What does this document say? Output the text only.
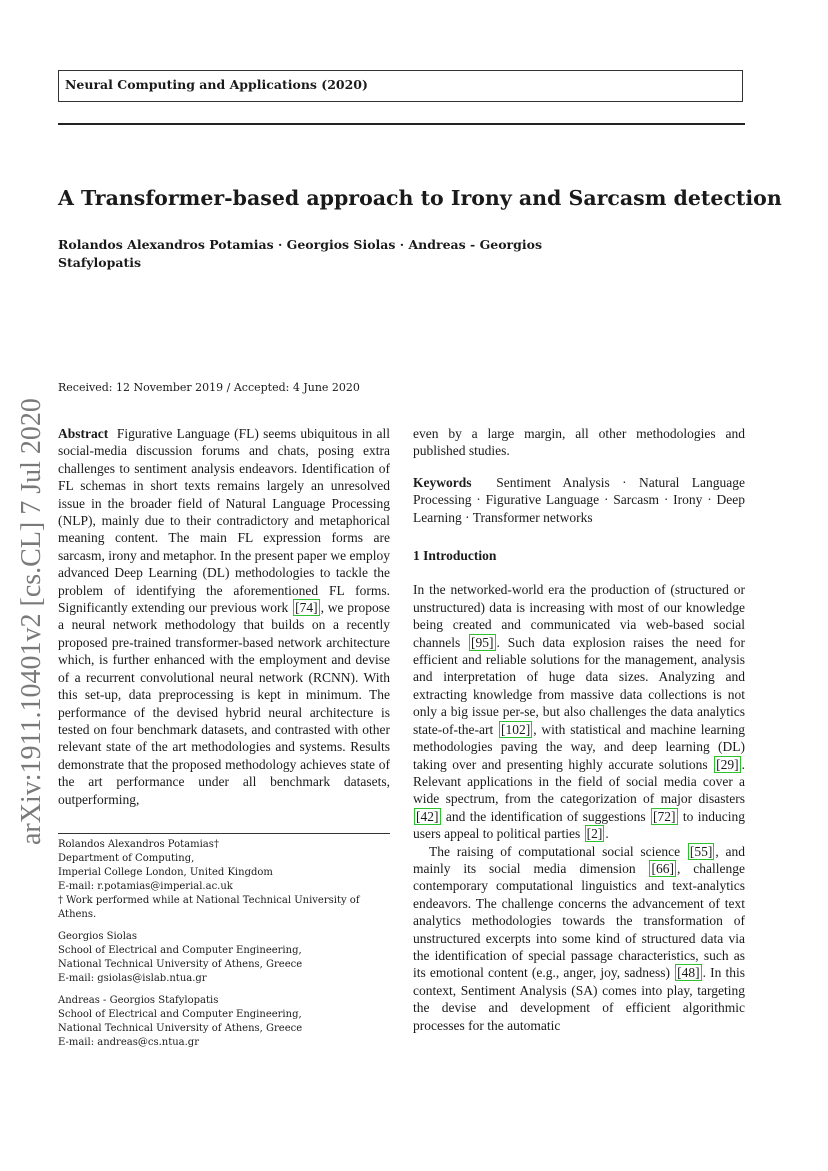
Neural Computing and Applications (2020)
A Transformer-based approach to Irony and Sarcasm detection
Rolandos Alexandros Potamias · Georgios Siolas · Andreas - Georgios
Stafylopatis
arXiv:1911.10401v2 [cs.CL] 7 Jul 2020
Received: 12 November 2019 / Accepted: 4 June 2020

Abstract Figurative Language (FL) seems ubiquitous in all social-media discussion forums and chats, posing extra challenges to sentiment analysis endeavors. Identification of FL schemas in short texts remains largely an unresolved issue in the broader field of Natural Language Processing (NLP), mainly due to their contradictory and metaphorical meaning content. The main FL expression forms are sarcasm, irony and metaphor. In the present paper we employ advanced Deep Learning (DL) methodologies to tackle the problem of identifying the aforementioned FL forms. Significantly extending our previous work [74] , we propose a neural network methodology that builds on a recently proposed pre-trained transformer-based network architecture which, is further enhanced with the employment and devise of a recurrent convolutional neural network (RCNN). With this set-up, data preprocessing is kept in minimum. The performance of the devised hybrid neural architecture is tested on four benchmark datasets, and contrasted with other relevant state of the art methodologies and systems. Results demonstrate that the proposed methodology achieves state of the art performance under all benchmark datasets, outperforming,

even by a large margin, all other methodologies and published studies.

Keywords Sentiment Analysis · Natural Language Processing · Figurative Language · Sarcasm · Irony · Deep Learning · Transformer networks

1 Introduction

In the networked-world era the production of (structured or unstructured) data is increasing with most of our knowledge being created and communicated via web-based social channels [95] . Such data explosion raises the need for efficient and reliable solutions for the management, analysis and interpretation of huge data sizes. Analyzing and extracting knowledge from massive data collections is not only a big issue per-se, but also challenges the data analytics state-of-the-art [102] , with statistical and machine learning methodologies paving the way, and deep learning (DL) taking over and presenting highly accurate solutions [29] . Relevant applications in the field of social media cover a wide spectrum, from the categorization of major disasters [42] and the identification of suggestions [72] to inducing users appeal to political parties [2] .

The raising of computational social science [55] , and mainly its social media dimension [66] , challenge contemporary computational linguistics and text-analytics endeavors. The challenge concerns the advancement of text analytics methodologies towards the transformation of unstructured excerpts into some kind of structured data via the identification of special passage characteristics, such as its emotional content (e.g., anger, joy, sadness) [48] . In this context, Sentiment Analysis (SA) comes into play, targeting the devise and development of efficient algorithmic processes for the automatic

Rolandos Alexandros Potamias†
Department of Computing,
Imperial College London, United Kingdom
E-mail: r.potamias@imperial.ac.uk
† Work performed while at National Technical University of
Athens.
Georgios Siolas
School of Electrical and Computer Engineering,
National Technical University of Athens, Greece
E-mail: gsiolas@islab.ntua.gr
Andreas - Georgios Stafylopatis
School of Electrical and Computer Engineering,
National Technical University of Athens, Greece
E-mail: andreas@cs.ntua.gr
